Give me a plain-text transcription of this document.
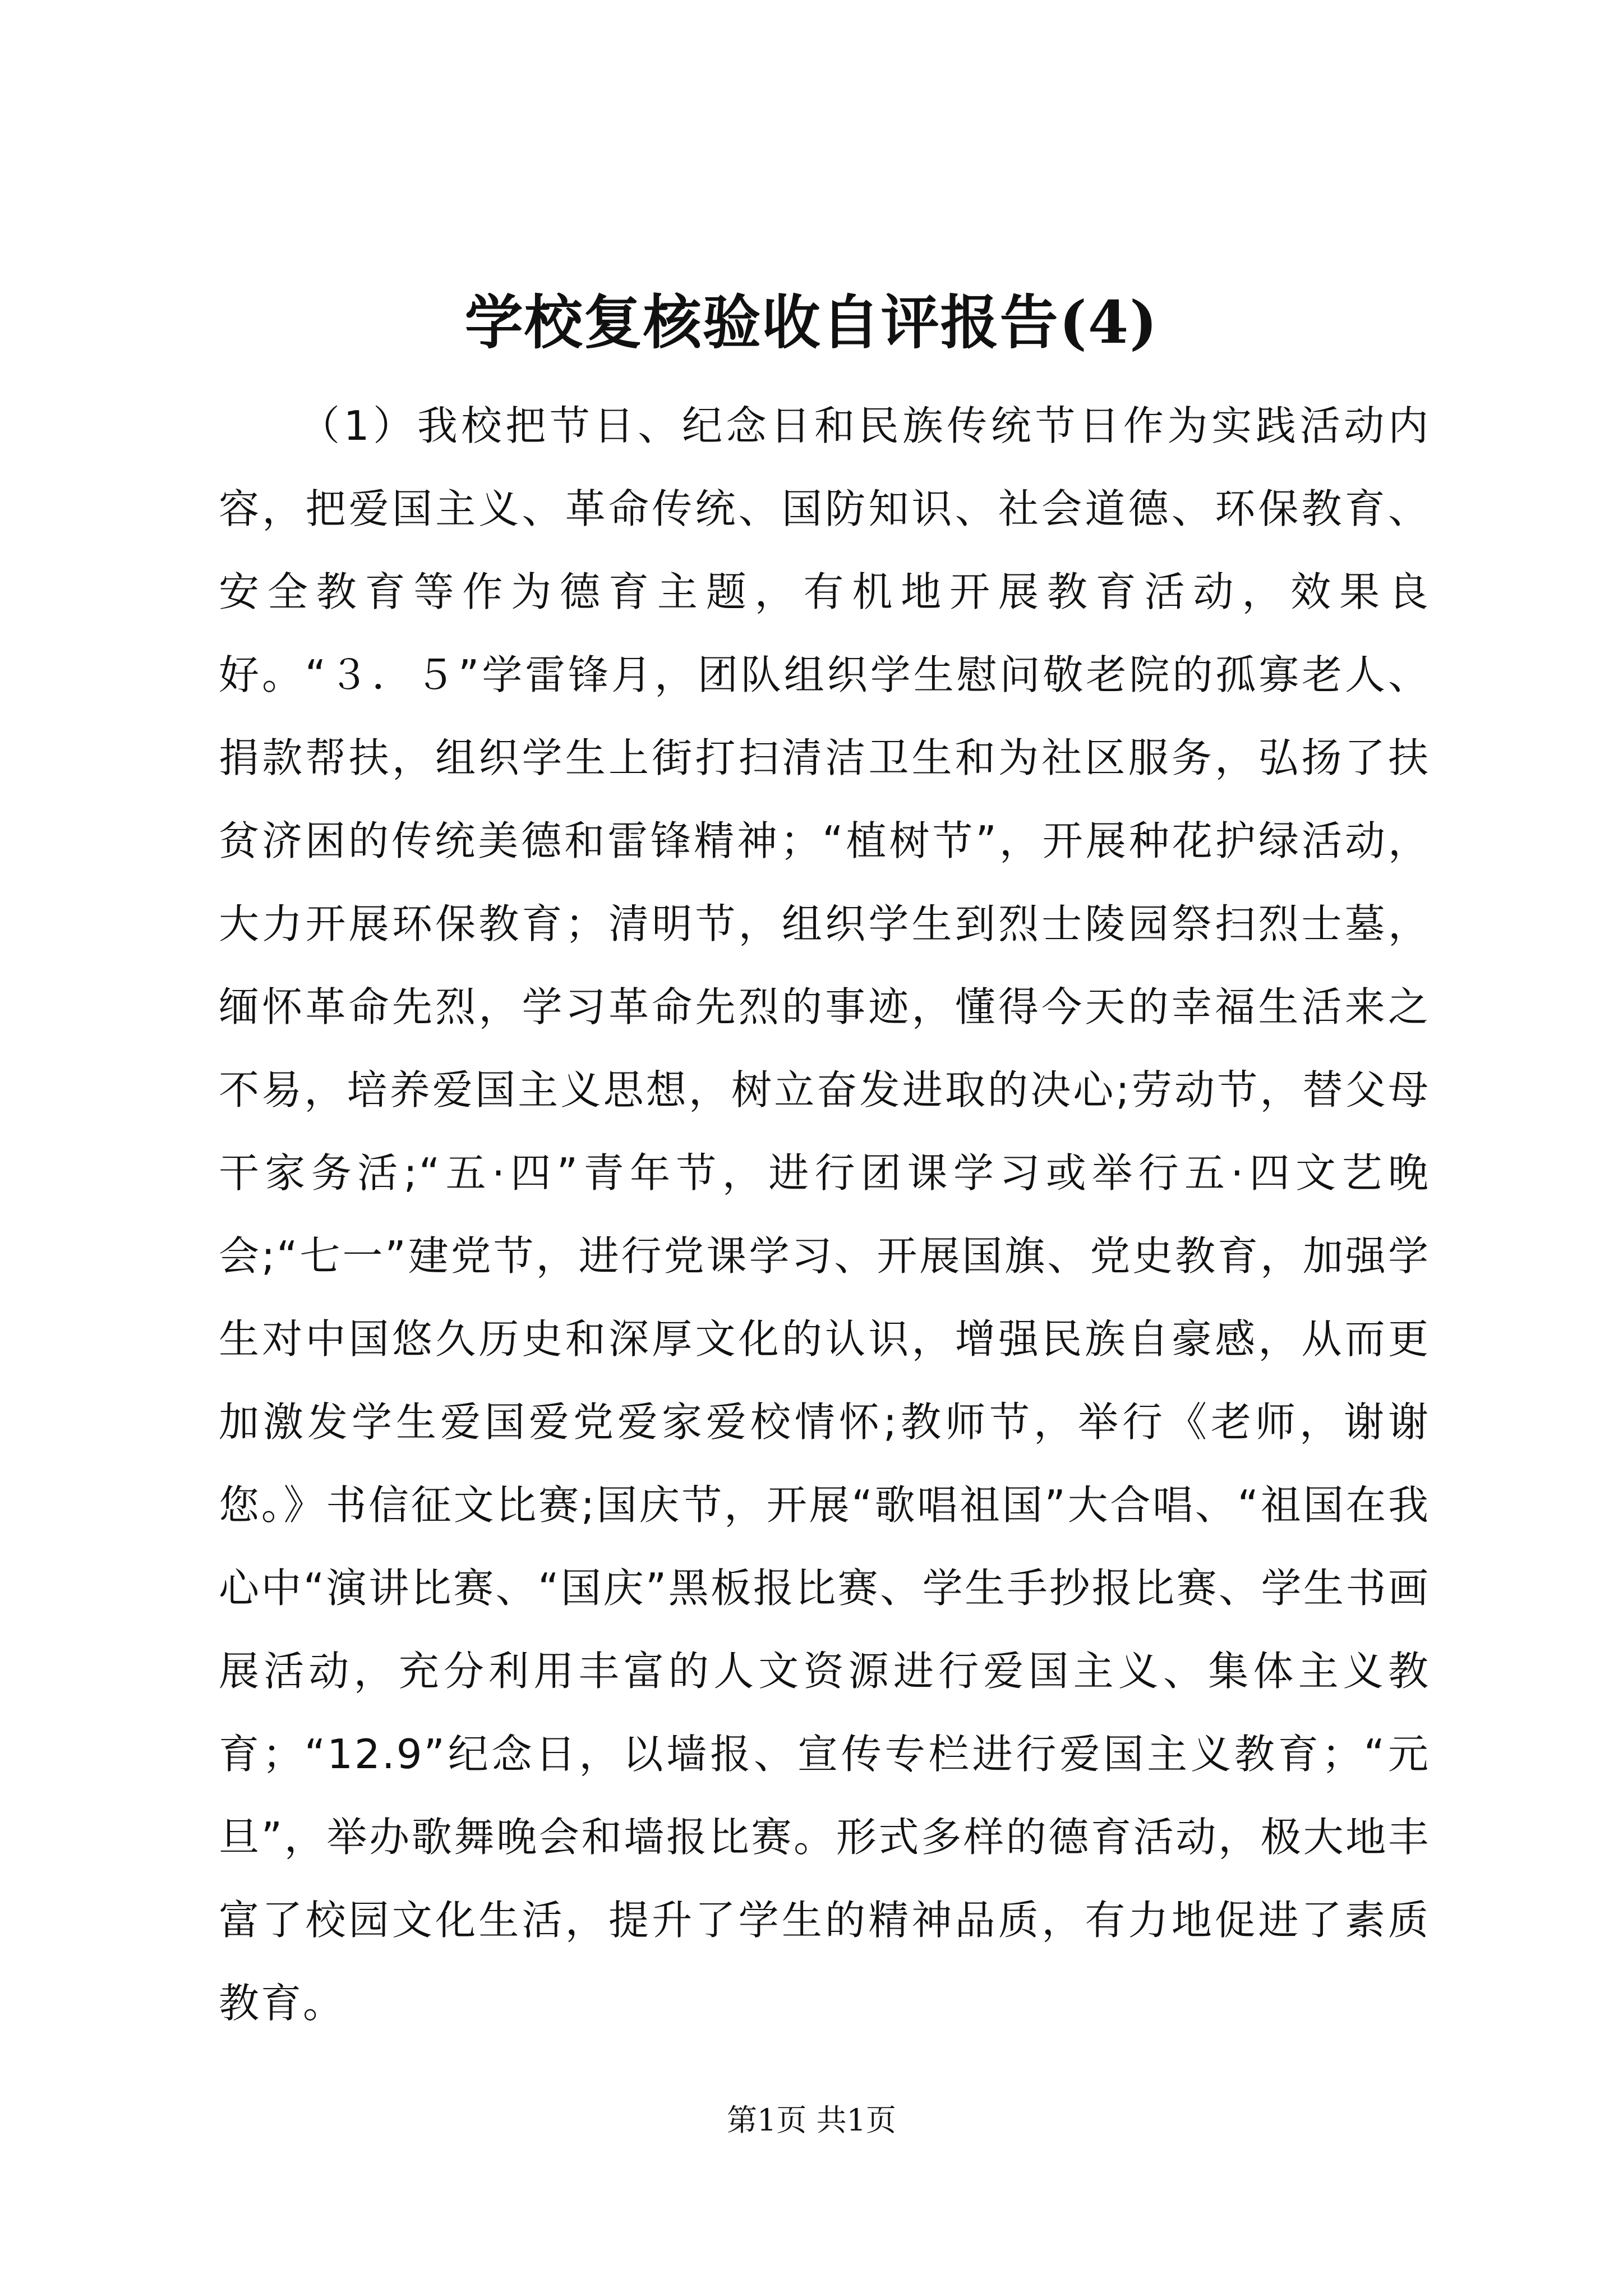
学校复核验收自评报告(4)

（1）我校把节日、纪念日和民族传统节日作为实践活动内容，把爱国主义、革命传统、国防知识、社会道德、环保教育、安全教育等作为德育主题，有机地开展教育活动，效果良好。“３．５”学雷锋月，团队组织学生慰问敬老院的孤寡老人、捐款帮扶，组织学生上街打扫清洁卫生和为社区服务，弘扬了扶贫济困的传统美德和雷锋精神；“植树节”，开展种花护绿活动，大力开展环保教育；清明节，组织学生到烈士陵园祭扫烈士墓，缅怀革命先烈，学习革命先烈的事迹，懂得今天的幸福生活来之不易，培养爱国主义思想，树立奋发进取的决心;劳动节，替父母干家务活;“五·四”青年节，进行团课学习或举行五·四文艺晚会;“七一”建党节，进行党课学习、开展国旗、党史教育，加强学生对中国悠久历史和深厚文化的认识，增强民族自豪感，从而更加激发学生爱国爱党爱家爱校情怀;教师节，举行《老师，谢谢您。》书信征文比赛;国庆节，开展“歌唱祖国”大合唱、“祖国在我心中“演讲比赛、“国庆”黑板报比赛、学生手抄报比赛、学生书画展活动，充分利用丰富的人文资源进行爱国主义、集体主义教育；“12.9”纪念日，以墙报、宣传专栏进行爱国主义教育；“元旦”，举办歌舞晚会和墙报比赛。形式多样的德育活动，极大地丰富了校园文化生活，提升了学生的精神品质，有力地促进了素质教育。

第1页 共1页
